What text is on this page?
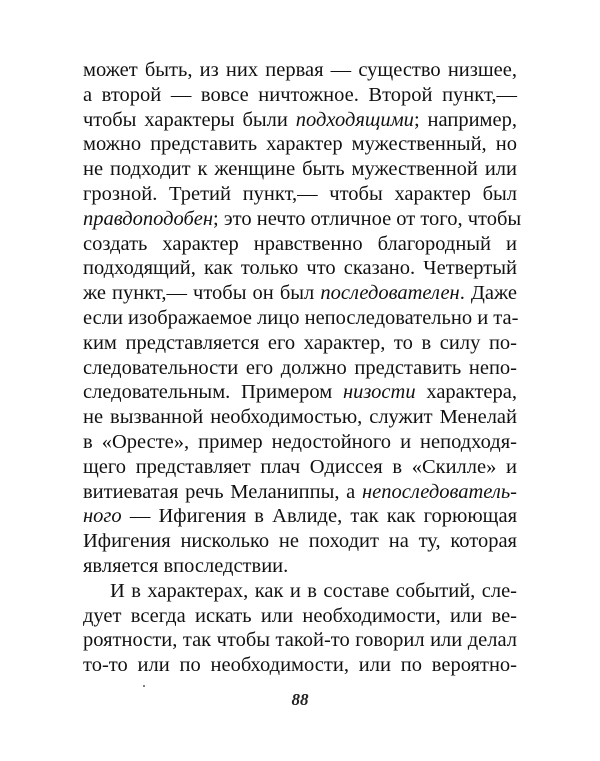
может быть, из них первая — существо низшее,
а второй — вовсе ничтожное. Второй пункт,—
чтобы характеры были подходящими; например,
можно представить характер мужественный, но
не подходит к женщине быть мужественной или
грозной. Третий пункт,— чтобы характер был
правдоподобен; это нечто отличное от того, чтобы
создать характер нравственно благородный и
подходящий, как только что сказано. Четвертый
же пункт,— чтобы он был последователен. Даже
если изображаемое лицо непоследовательно и та-
ким представляется его характер, то в силу по-
следовательности его должно представить непо-
следовательным. Примером низости характера,
не вызванной необходимостью, служит Менелай
в «Оресте», пример недостойного и неподходя-
щего представляет плач Одиссея в «Скилле» и
витиеватая речь Меланиппы, а непоследователь-
ного — Ифигения в Авлиде, так как горюющая
Ифигения нисколько не походит на ту, которая
является впоследствии.
И в характерах, как и в составе событий, сле-
дует всегда искать или необходимости, или ве-
роятности, так чтобы такой-то говорил или делал
то-то или по необходимости, или по вероятно-
88
